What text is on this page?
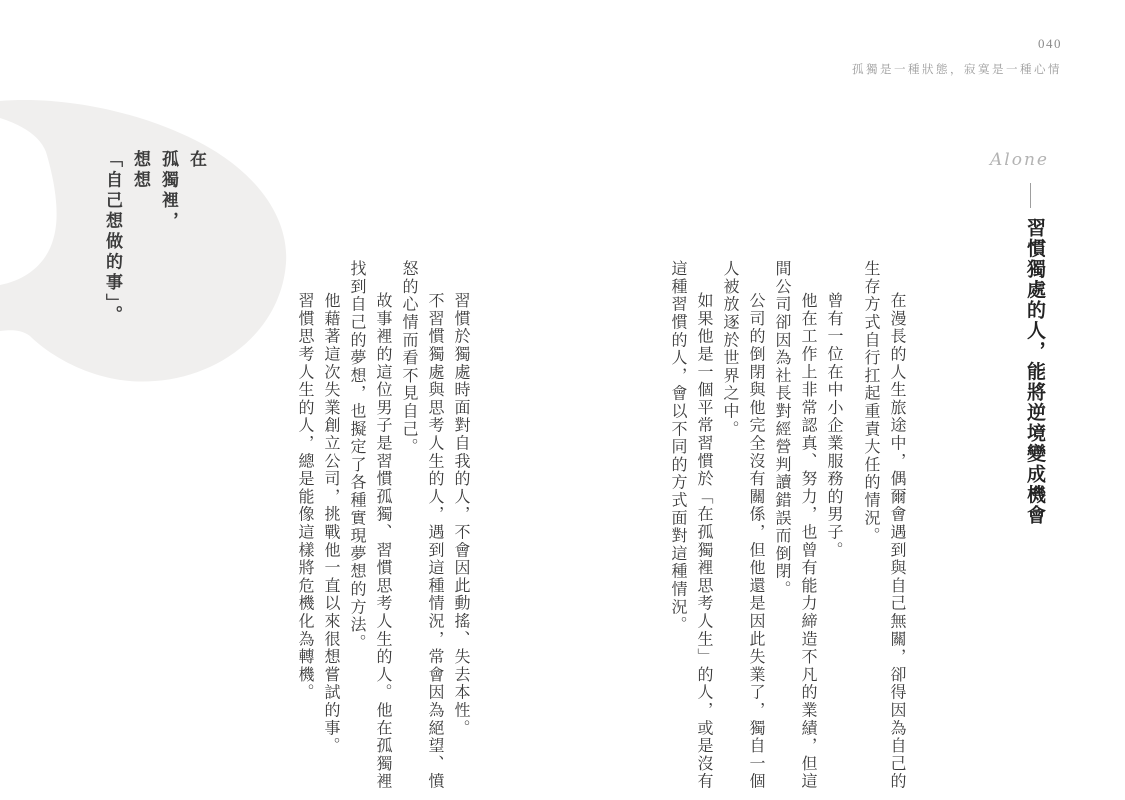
040
孤獨是一種狀態，寂寞是一種心情
在
孤獨裡，
想想
「自己想做的事」。	Alone
習慣獨處的人，能將逆境變成機會
在漫長的人生旅途中，偶爾會遇到與自己無關，卻得因為自己的
生存方式自行扛起重責大任的情況。
曾有一位在中小企業服務的男子。
他在工作上非常認真、努力，也曾有能力締造不凡的業績，但這
間公司卻因為社長對經營判讀錯誤而倒閉。
公司的倒閉與他完全沒有關係，但他還是因此失業了，獨自一個
人被放逐於世界之中。
如果他是一個平常習慣於「在孤獨裡思考人生」的人，或是沒有
這種習慣的人，會以不同的方式面對這種情況。
習慣於獨處時面對自我的人，不會因此動搖、失去本性。
不習慣獨處與思考人生的人，遇到這種情況，常會因為絕望、憤
怒的心情而看不見自己。
故事裡的這位男子是習慣孤獨、習慣思考人生的人。他在孤獨裡
找到自己的夢想，也擬定了各種實現夢想的方法。
他藉著這次失業創立公司，挑戰他一直以來很想嘗試的事。
習慣思考人生的人，總是能像這樣將危機化為轉機。
